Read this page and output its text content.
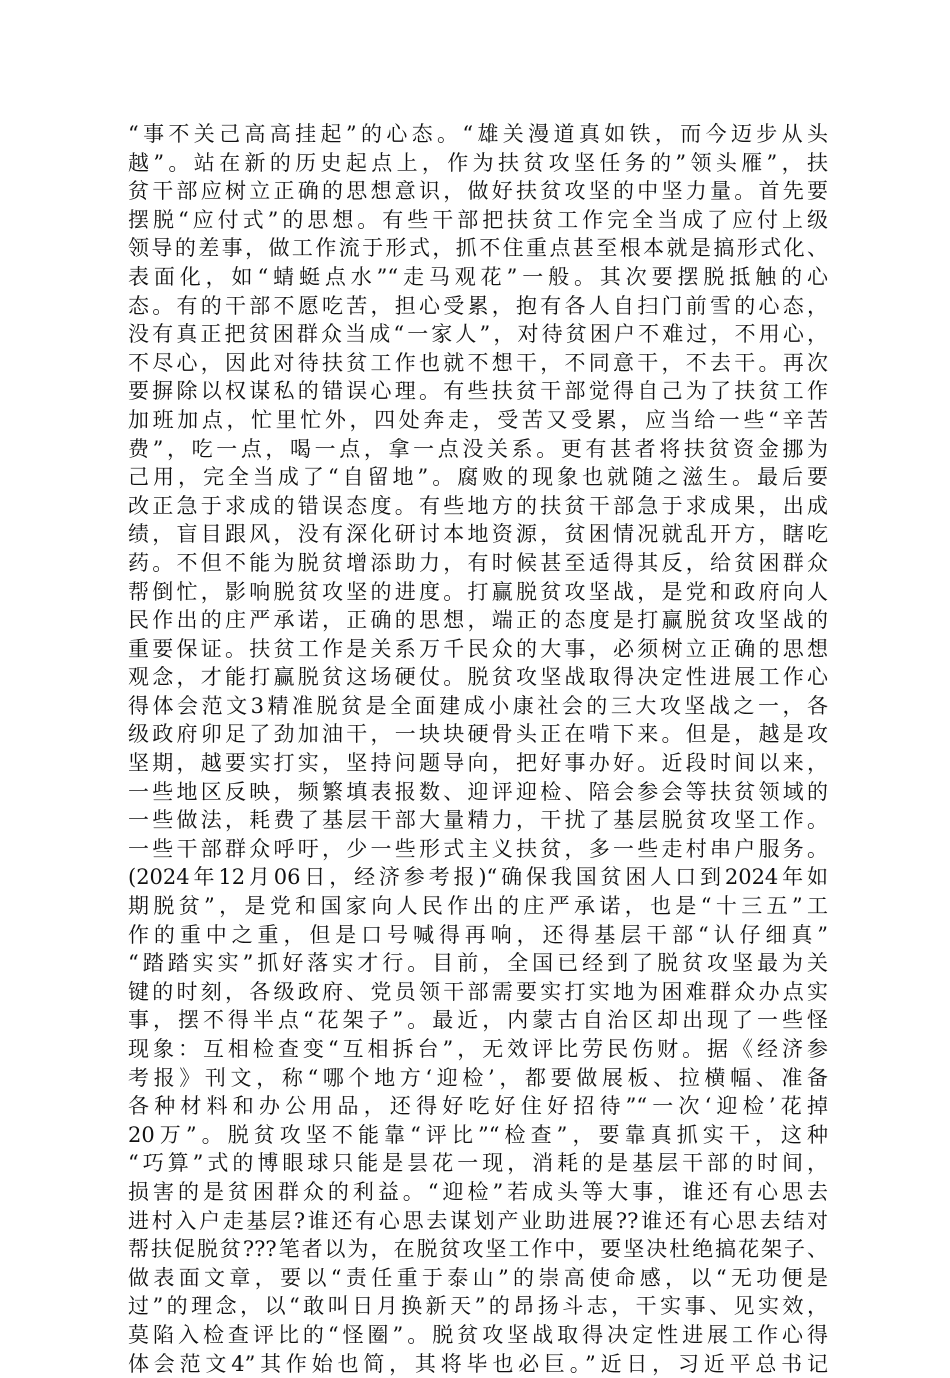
“事不关己高高挂起”的心态。“雄关漫道真如铁，而今迈步从头
越”。站在新的历史起点上，作为扶贫攻坚任务的”领头雁”，扶
贫干部应树立正确的思想意识，做好扶贫攻坚的中坚力量。首先要
摆脱“应付式”的思想。有些干部把扶贫工作完全当成了应付上级
领导的差事，做工作流于形式，抓不住重点甚至根本就是搞形式化、
表面化，如“蜻蜓点水”“走马观花”一般。其次要摆脱抵触的心
态。有的干部不愿吃苦，担心受累，抱有各人自扫门前雪的心态，
没有真正把贫困群众当成“一家人”，对待贫困户不难过，不用心，
不尽心，因此对待扶贫工作也就不想干，不同意干，不去干。再次
要摒除以权谋私的错误心理。有些扶贫干部觉得自己为了扶贫工作
加班加点，忙里忙外，四处奔走，受苦又受累，应当给一些“辛苦
费”，吃一点，喝一点，拿一点没关系。更有甚者将扶贫资金挪为
己用，完全当成了“自留地”。腐败的现象也就随之滋生。最后要
改正急于求成的错误态度。有些地方的扶贫干部急于求成果，出成
绩，盲目跟风，没有深化研讨本地资源，贫困情况就乱开方，瞎吃
药。不但不能为脱贫增添助力，有时候甚至适得其反，给贫困群众
帮倒忙，影响脱贫攻坚的进度。打赢脱贫攻坚战，是党和政府向人
民作出的庄严承诺，正确的思想，端正的态度是打赢脱贫攻坚战的
重要保证。扶贫工作是关系万千民众的大事，必须树立正确的思想
观念，才能打赢脱贫这场硬仗。脱贫攻坚战取得决定性进展工作心
得体会范文3精准脱贫是全面建成小康社会的三大攻坚战之一，各
级政府卯足了劲加油干，一块块硬骨头正在啃下来。但是，越是攻
坚期，越要实打实，坚持问题导向，把好事办好。近段时间以来，
一些地区反映，频繁填表报数、迎评迎检、陪会参会等扶贫领域的
一些做法，耗费了基层干部大量精力，干扰了基层脱贫攻坚工作。
一些干部群众呼吁，少一些形式主义扶贫，多一些走村串户服务。
(2024年12月06日，经济参考报)“确保我国贫困人口到2024年如
期脱贫”，是党和国家向人民作出的庄严承诺，也是“十三五”工
作的重中之重，但是口号喊得再响，还得基层干部“认仔细真”
“踏踏实实”抓好落实才行。目前，全国已经到了脱贫攻坚最为关
键的时刻，各级政府、党员领干部需要实打实地为困难群众办点实
事，摆不得半点“花架子”。最近，内蒙古自治区却出现了一些怪
现象：互相检查变“互相拆台”，无效评比劳民伤财。据《经济参
考报》刊文，称“哪个地方‘迎检’，都要做展板、拉横幅、准备
各种材料和办公用品，还得好吃好住好招待”“一次‘迎检’花掉
20万”。脱贫攻坚不能靠“评比”“检查”，要靠真抓实干，这种
“巧算”式的博眼球只能是昙花一现，消耗的是基层干部的时间，
损害的是贫困群众的利益。“迎检”若成头等大事，谁还有心思去
进村入户走基层?谁还有心思去谋划产业助进展??谁还有心思去结对
帮扶促脱贫???笔者以为，在脱贫攻坚工作中，要坚决杜绝搞花架子、
做表面文章，要以“责任重于泰山”的崇高使命感，以“无功便是
过”的理念，以“敢叫日月换新天”的昂扬斗志，干实事、见实效，
莫陷入检查评比的“怪圈”。脱贫攻坚战取得决定性进展工作心得
体会范文4”其作始也简，其将毕也必巨。”近日，习近平总书记
